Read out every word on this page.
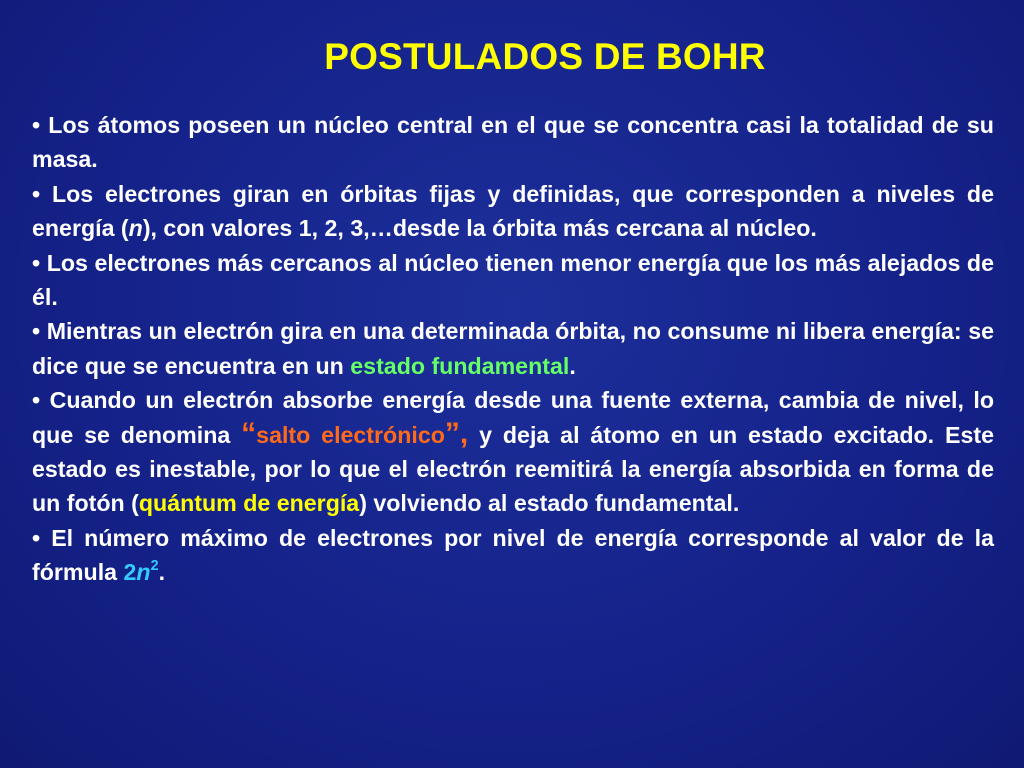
POSTULADOS DE BOHR

• Los átomos poseen un núcleo central en el que se concentra casi la totalidad de su masa.

• Los electrones giran en órbitas fijas y definidas, que corresponden a niveles de energía (n), con valores 1, 2, 3,…desde la órbita más cercana al núcleo.

• Los electrones más cercanos al núcleo tienen menor energía que los más alejados de él.

• Mientras un electrón gira en una determinada órbita, no consume ni libera energía: se dice que se encuentra en un estado fundamental.

• Cuando un electrón absorbe energía desde una fuente externa, cambia de nivel, lo que se denomina “salto electrónico”, y deja al átomo en un estado excitado. Este estado es inestable, por lo que el electrón reemitirá la energía absorbida en forma de un fotón (quántum de energía) volviendo al estado fundamental.

• El número máximo de electrones por nivel de energía corresponde al valor de la fórmula $2n^2$.
